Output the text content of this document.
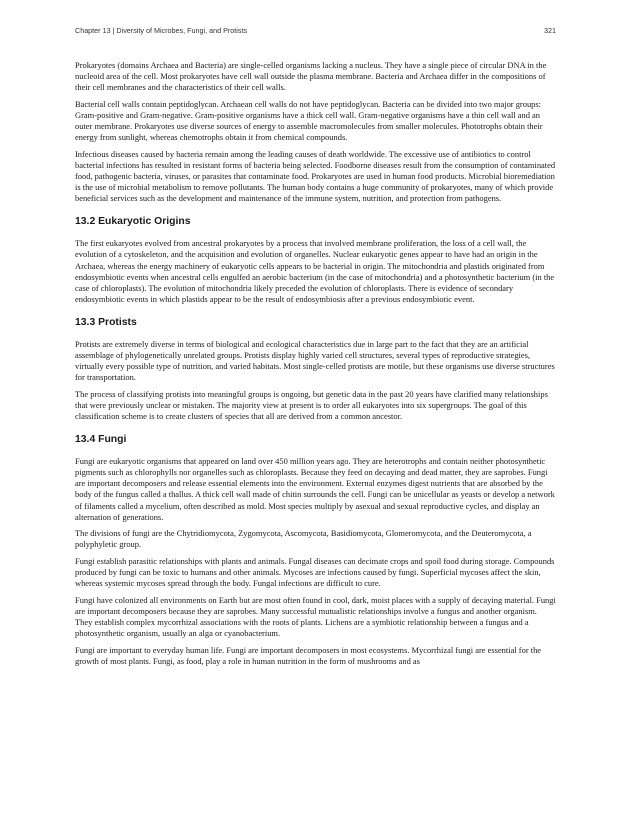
Chapter 13 | Diversity of Microbes, Fungi, and Protists	321

Prokaryotes (domains Archaea and Bacteria) are single-celled organisms lacking a nucleus. They have a single piece of circular DNA in the nucleoid area of the cell. Most prokaryotes have cell wall outside the plasma membrane. Bacteria and Archaea differ in the compositions of their cell membranes and the characteristics of their cell walls.

Bacterial cell walls contain peptidoglycan. Archaean cell walls do not have peptidoglycan. Bacteria can be divided into two major groups: Gram-positive and Gram-negative. Gram-positive organisms have a thick cell wall. Gram-negative organisms have a thin cell wall and an outer membrane. Prokaryotes use diverse sources of energy to assemble macromolecules from smaller molecules. Phototrophs obtain their energy from sunlight, whereas chemotrophs obtain it from chemical compounds.

Infectious diseases caused by bacteria remain among the leading causes of death worldwide. The excessive use of antibiotics to control bacterial infections has resulted in resistant forms of bacteria being selected. Foodborne diseases result from the consumption of contaminated food, pathogenic bacteria, viruses, or parasites that contaminate food. Prokaryotes are used in human food products. Microbial bioremediation is the use of microbial metabolism to remove pollutants. The human body contains a huge community of prokaryotes, many of which provide beneficial services such as the development and maintenance of the immune system, nutrition, and protection from pathogens.

13.2 Eukaryotic Origins

The first eukaryotes evolved from ancestral prokaryotes by a process that involved membrane proliferation, the loss of a cell wall, the evolution of a cytoskeleton, and the acquisition and evolution of organelles. Nuclear eukaryotic genes appear to have had an origin in the Archaea, whereas the energy machinery of eukaryotic cells appears to be bacterial in origin. The mitochondria and plastids originated from endosymbiotic events when ancestral cells engulfed an aerobic bacterium (in the case of mitochondria) and a photosynthetic bacterium (in the case of chloroplasts). The evolution of mitochondria likely preceded the evolution of chloroplasts. There is evidence of secondary endosymbiotic events in which plastids appear to be the result of endosymbiosis after a previous endosymbiotic event.

13.3 Protists

Protists are extremely diverse in terms of biological and ecological characteristics due in large part to the fact that they are an artificial assemblage of phylogenetically unrelated groups. Protists display highly varied cell structures, several types of reproductive strategies, virtually every possible type of nutrition, and varied habitats. Most single-celled protists are motile, but these organisms use diverse structures for transportation.

The process of classifying protists into meaningful groups is ongoing, but genetic data in the past 20 years have clarified many relationships that were previously unclear or mistaken. The majority view at present is to order all eukaryotes into six supergroups. The goal of this classification scheme is to create clusters of species that all are derived from a common ancestor.

13.4 Fungi

Fungi are eukaryotic organisms that appeared on land over 450 million years ago. They are heterotrophs and contain neither photosynthetic pigments such as chlorophylls nor organelles such as chloroplasts. Because they feed on decaying and dead matter, they are saprobes. Fungi are important decomposers and release essential elements into the environment. External enzymes digest nutrients that are absorbed by the body of the fungus called a thallus. A thick cell wall made of chitin surrounds the cell. Fungi can be unicellular as yeasts or develop a network of filaments called a mycelium, often described as mold. Most species multiply by asexual and sexual reproductive cycles, and display an alternation of generations.

The divisions of fungi are the Chytridiomycota, Zygomycota, Ascomycota, Basidiomycota, Glomeromycota, and the Deuteromycota, a polyphyletic group.

Fungi establish parasitic relationships with plants and animals. Fungal diseases can decimate crops and spoil food during storage. Compounds produced by fungi can be toxic to humans and other animals. Mycoses are infections caused by fungi. Superficial mycoses affect the skin, whereas systemic mycoses spread through the body. Fungal infections are difficult to cure.

Fungi have colonized all environments on Earth but are most often found in cool, dark, moist places with a supply of decaying material. Fungi are important decomposers because they are saprobes. Many successful mutualistic relationships involve a fungus and another organism. They establish complex mycorrhizal associations with the roots of plants. Lichens are a symbiotic relationship between a fungus and a photosynthetic organism, usually an alga or cyanobacterium.

Fungi are important to everyday human life. Fungi are important decomposers in most ecosystems. Mycorrhizal fungi are essential for the growth of most plants. Fungi, as food, play a role in human nutrition in the form of mushrooms and as
